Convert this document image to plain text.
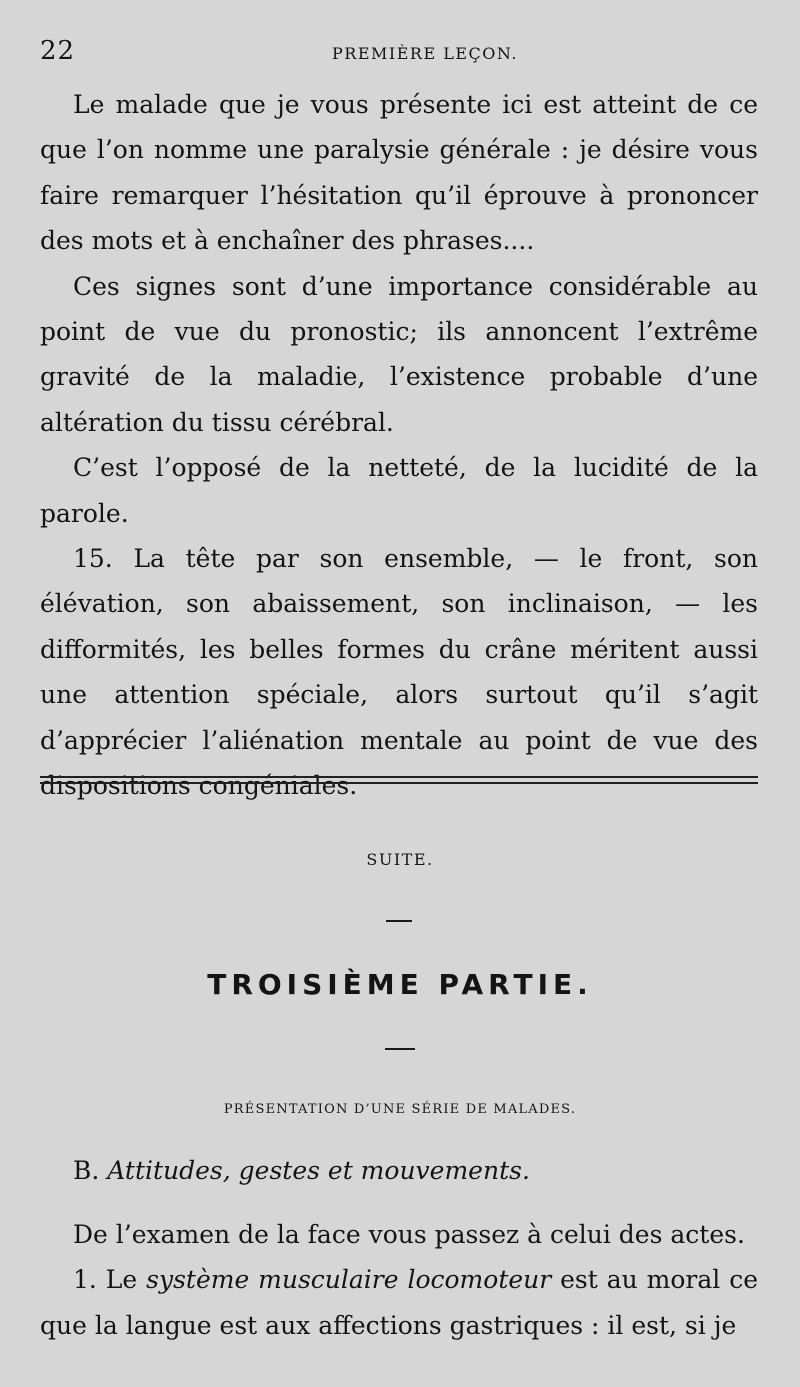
22	PREMIÈRE LEÇON.

Le malade que je vous présente ici est atteint de ce que l’on nomme une paralysie générale : je désire vous faire remarquer l’hésitation qu’il éprouve à prononcer des mots et à enchaîner des phrases....

Ces signes sont d’une importance considérable au point de vue du pronostic; ils annoncent l’extrême gravité de la maladie, l’existence probable d’une altération du tissu cérébral.

C’est l’opposé de la netteté, de la lucidité de la parole.

15. La tête par son ensemble, — le front, son élévation, son abaissement, son inclinaison, — les difformités, les belles formes du crâne méritent aussi une attention spéciale, alors surtout qu’il s’agit d’apprécier l’aliénation mentale au point de vue des dispositions congéniales.

SUITE.
TROISIÈME PARTIE.
PRÉSENTATION D’UNE SÉRIE DE MALADES.
B. Attitudes, gestes et mouvements.

De l’examen de la face vous passez à celui des actes.

1. Le système musculaire locomoteur est au moral ce que la langue est aux affections gastriques : il est, si je
